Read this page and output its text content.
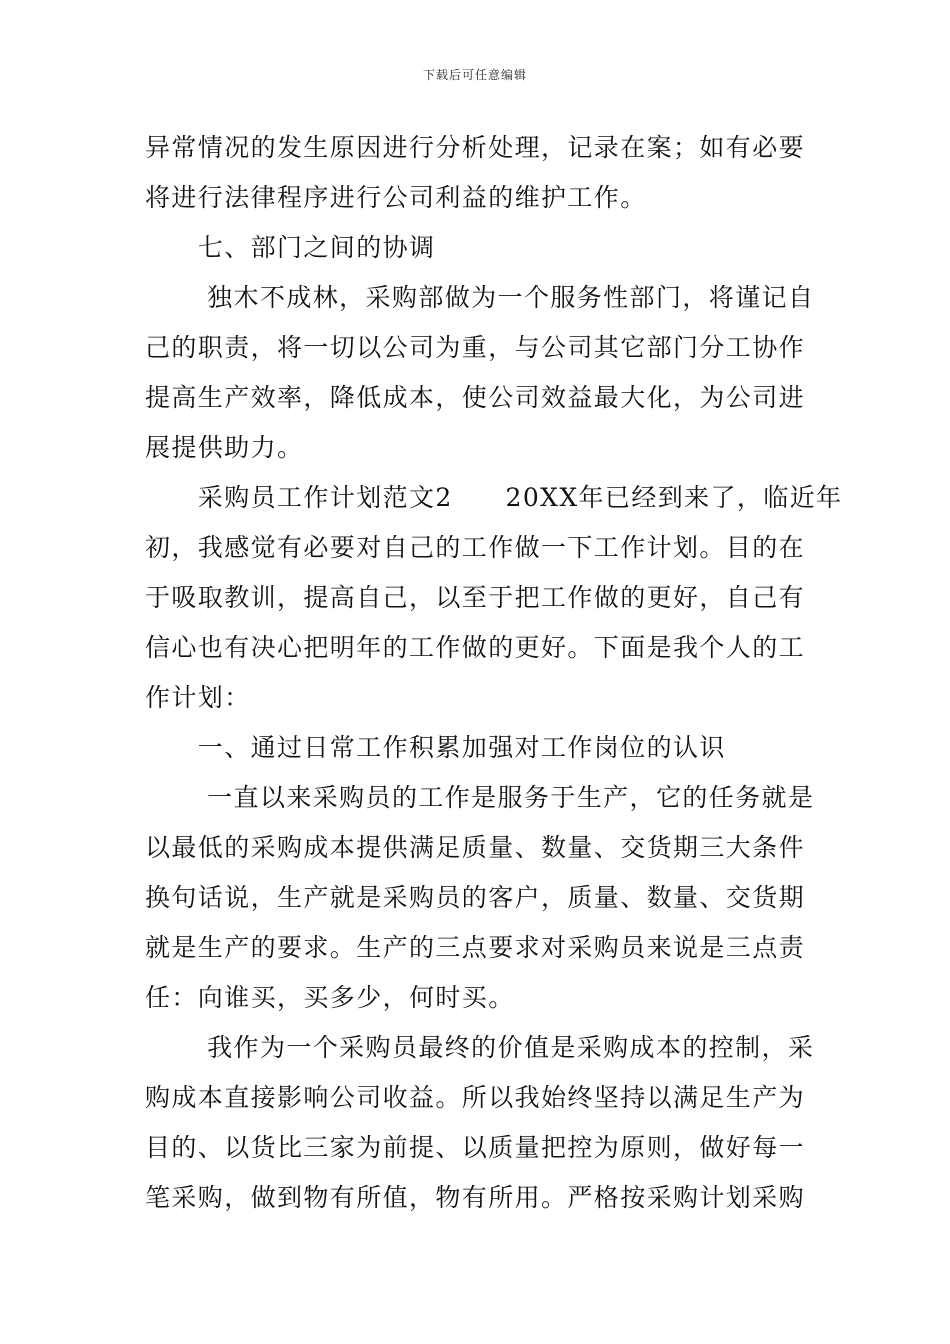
下载后可任意编辑
异常情况的发生原因进行分析处理，记录在案；如有必要
将进行法律程序进行公司利益的维护工作。
　　七、部门之间的协调
　　 独木不成林，采购部做为一个服务性部门，将谨记自
己的职责，将一切以公司为重，与公司其它部门分工协作
提高生产效率，降低成本，使公司效益最大化，为公司进
展提供助力。
　　采购员工作计划范文2　　20XX年已经到来了，临近年
初，我感觉有必要对自己的工作做一下工作计划。目的在
于吸取教训，提高自己，以至于把工作做的更好，自己有
信心也有决心把明年的工作做的更好。下面是我个人的工
作计划：
　　一、通过日常工作积累加强对工作岗位的认识
　　 一直以来采购员的工作是服务于生产，它的任务就是
以最低的采购成本提供满足质量、数量、交货期三大条件
换句话说，生产就是采购员的客户，质量、数量、交货期
就是生产的要求。生产的三点要求对采购员来说是三点责
任：向谁买，买多少，何时买。
　　 我作为一个采购员最终的价值是采购成本的控制，采
购成本直接影响公司收益。所以我始终坚持以满足生产为
目的、以货比三家为前提、以质量把控为原则，做好每一
笔采购，做到物有所值，物有所用。严格按采购计划采购
